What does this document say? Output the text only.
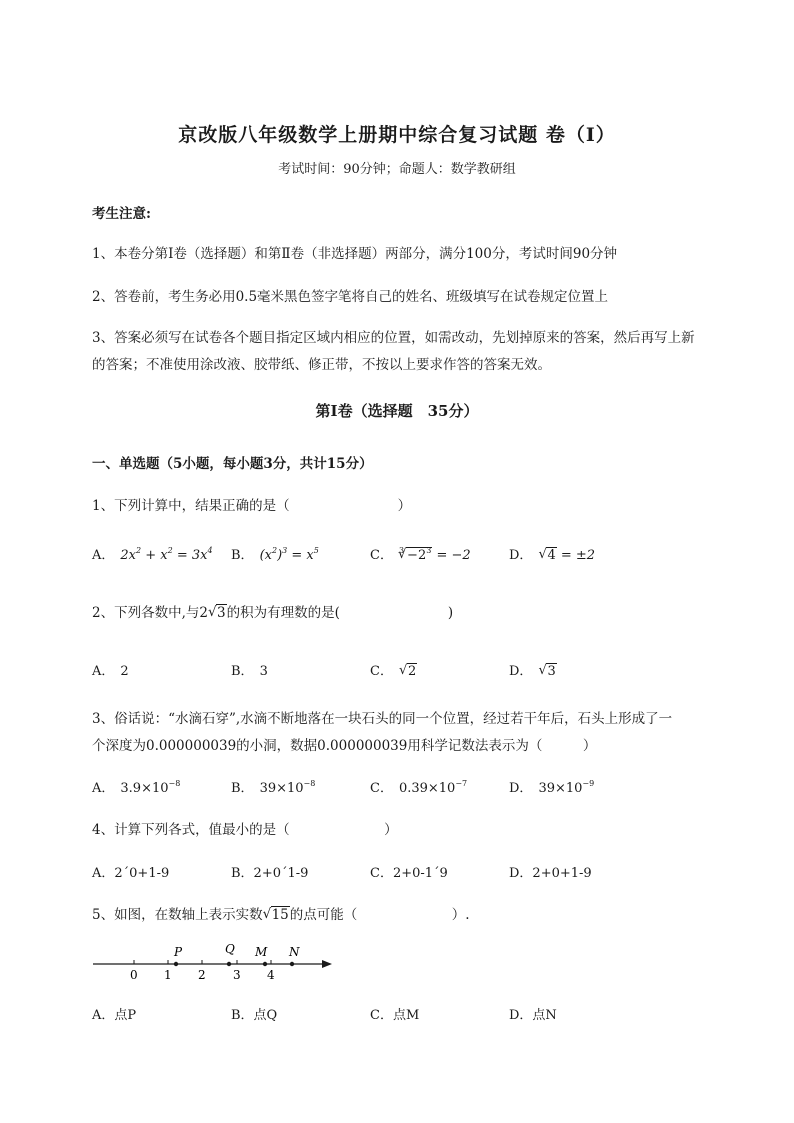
京改版八年级数学上册期中综合复习试题 卷（Ⅰ）
考试时间：90分钟；命题人：数学教研组
考生注意:
1、本卷分第I卷（选择题）和第Ⅱ卷（非选择题）两部分，满分100分，考试时间90分钟
2、答卷前，考生务必用0.5毫米黑色签字笔将自己的姓名、班级填写在试卷规定位置上
3、答案必须写在试卷各个题目指定区域内相应的位置，如需改动，先划掉原来的答案，然后再写上新
的答案；不准使用涂改液、胶带纸、修正带，不按以上要求作答的答案无效。
第I卷（选择题　35分）
一、单选题（5小题，每小题3分，共计15分）
1、下列计算中，结果正确的是（　　　　　　　　）
A． $2x^2 + x^2 = 3x^4$ B． $(x^2)^3 = x^5$	C． $^3√ -2^3 = -2$	D．√ 4 = ±2
2、下列各数中,与2√ 3的积为有理数的是(　　　　　　　　)
A． 2	B． 3	C．√ 2	D．√ 3
3、俗话说：“水滴石穿”,水滴不断地落在一块石头的同一个位置，经过若干年后，石头上形成了一
个深度为0.000000039的小洞，数据0.000000039用科学记数法表示为（　　　）
A． $3.9\times 10^{-8}$	B． $39\times 10^{-8}$	C． $0.39\times 10^{-7}$	D． $39\times 10^{-9}$
4、计算下列各式，值最小的是（　　　　　　　）
A．2´0+1-9	B．2+0´1-9	C．2+0-1´9	D．2+0+1-9
5、如图，在数轴上表示实数√ 15的点可能（　　　　　　　）.
0 1 2 3 4
P	Q M N
A．点P	B．点Q	C．点M	D．点N
